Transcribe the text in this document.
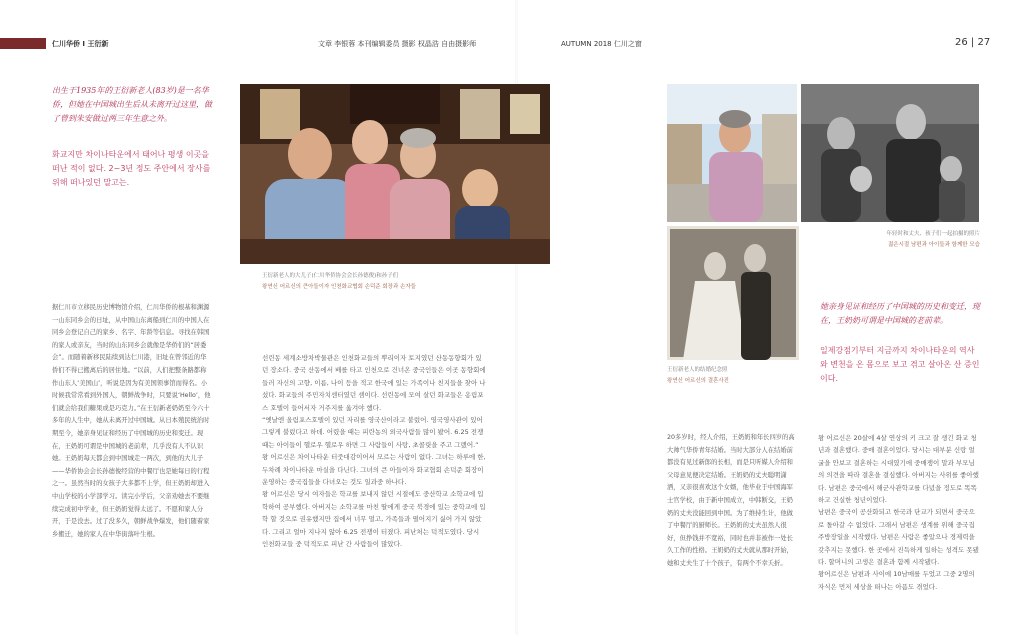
仁川华侨 Ⅰ 王衍新	文章 李银蓉 本刊编辑委员 摄影 权晶浩 自由摄影师	AUTUMN 2018 仁川之窗	26 | 27
出生于1935年的王衍新老人(83岁)是一名华侨，但她在中国城出生后从未离开过这里，做了曾到朱安做过两三年生意之外。
화교지만 차이나타운에서 태어나 평생 이곳을 떠난 적이 없다. 2~3년 정도 주안에서 장사를 위해 떠나있던 말고는.
王衍新老人的大儿子(仁川华侨协会会长孙德俊)和孙子们
왕연신 어르신의 큰아들이자 인천화교협회 손덕준 회장과 손자들
据仁川市立移民历史博物馆介绍，仁川华侨的根基和渊源一山东同乡会的日址，从中国山东离船到仁川的中国人在同乡会登记自己的家乡、名字、年龄等信息。寻找在韩国的家人或亲友，当时的山东同乡会就像是华侨们的“居委会”。而随着新移民陆续到达仁川港，旧址在曾邻近的华侨们不得已搬离后的居住地。“以前，人们把整条路都称作山东人‘美国山’，听说是因为有美国领事馆而得名。小时候我常常看到外国人，朝鲜战争时，只要说‘Hello’，他们就会给我们糖果或是巧克力。”在王衍新老奶奶至今六十多年的人生中，她从未离开过中国城。从日本殖民统治时期至今，她亲身见证和经历了中国城的历史和变迁。现在，王奶奶可谓是中国城的老前辈，几乎没有人不认识她。王奶奶每天都会到中国城走一两次，到他的大儿子——华侨协会会长孙德俊经营的中餐厅也是她每日的行程之一。虽然当时的女孩子大多都不上学，但王奶奶却进入中山学校的小学部学习。读完小学后，父亲劝她去不要继续完成初中学业，但王奶奶觉得太远了。不愿和家人分开，于是没去。过了没多久，朝鲜战争爆发，他们随着家乡搬迁，她的家人在中华街落叶生根。
선린동 세계소방차박물관은 인천화교들의 뿌리이자 토지였던 산동동향회가 있던 장소다. 중국 산동에서 배를 타고 인천으로 건너온 중국인들은 이곳 동향회에 들러 자신의 고향, 이름, 나이 등을 적고 한국에 있는 가족이나 친지들을 찾아 나섰다. 화교들의 주민자치센터였던 셈이다. 선린동에 모여 살던 화교들은 옹림포스 호텔이 들어서자 거주지를 옮겨야 했다.
“옛날엔 올림포스호텔이 있던 자리를 영국산이라고 불렀어. 영국영사관이 있어 그렇게 불렀다고 하데. 어렸을 때는 피란농의 외국사람들 많이 봤어. 6.25 전쟁때는 아이들이 헬로우 헬로우 하면 그 사람들이 사탕, 초콜릿을 주고 그랬어.”
왕 어르신은 차이나타운 터줏대감이어서 모르는 사람이 없다. 그녀는 하루에 한, 두차례 차이나타운 마실을 다닌다. 그녀의 큰 아들이자 화교협회 손덕준 회장이 운영하는 중국집들을 다녀오는 것도 일과중 하나다.
왕 어르신은 당시 여자들은 학교를 보내지 않던 시절에도 중산학교 소학교에 입학하여 공부했다. 아버지는 소학교를 마친 딸에게 중국 북경에 있는 중학교에 입학 할 것으로 권유했지만 집에서 너무 멀고, 가족들과 떨어지기 싫어 가지 않았다. 그리고 얼마 지나지 않아 6.25 전쟁이 터졌다. 피난처는 덕적도였다. 당시 인천화교들 중 덕적도로 피난 간 사람들이 많았다.
年轻时和丈夫、孩子们一起拍摄的照片
젊은시절 남편과 아이들과 함께한 모습
王衍新老人的结婚纪念照
왕연신 어르신의 결혼사진
她亲身见证和经历了中国城的历史和变迁，现在，王奶奶可谓是中国城的老前辈。
일제강점기부터 지금까지 차이나타운의 역사와 변천을 온 몸으로 보고 겪고 살아온 산 증인이다.
20多岁时，经人介绍，王奶奶和年长四岁的高大帅气华侨青年结婚。当时大部分人在结婚前都没有见过新郎的长相，而是只听媒人介绍和父母意见便决定结婚。王奶奶的丈夫聪明潇洒，又亲很喜欢这个女婿，他毕业于中国海军士官学校，由于新中国成立，中韩断交，王奶奶的丈夫没能回到中国。为了维持生计，他做了中餐厅的厨师长。王奶奶的丈夫虽然人很好，但挣钱并不宽裕，同时也并非被作一处长久工作的性格。王奶奶的丈夫就从那时开始，她和丈夫生了十个孩子，有两个不幸夭折。
왕 어르신은 20살에 4살 연상의 키 크고 잘 생긴 화교 청년과 결혼했다. 중매 결혼이었다. 당시는 대부분 신랑 얼굴을 안보고 결혼하는 시대였기에 중매쟁이 말과 부모님의 의견을 따라 결혼을 결심했다. 아버지는 사위를 좋아했다. 남편은 중국에서 해군사관학교를 다녔을 정도로 똑똑하고 건실한 청년이었다.
남편은 중국이 공산화되고 한국과 단교가 되면서 중국으로 돌아갈 수 없었다. 그래서 남편은 생계를 위해 중국집 주방장일을 시작했다. 남편은 사람은 좋았으나 경제력을 갖추지는 못했다. 한 곳에서 진득하게 일하는 성격도 못됐다. 할머니의 고생은 결혼과 함께 시작됐다.
왕어르신은 남편과 사이에 10남매를 두었고 그중 2명의 자식은 먼저 세상을 떠나는 아픔도 겪었다.
